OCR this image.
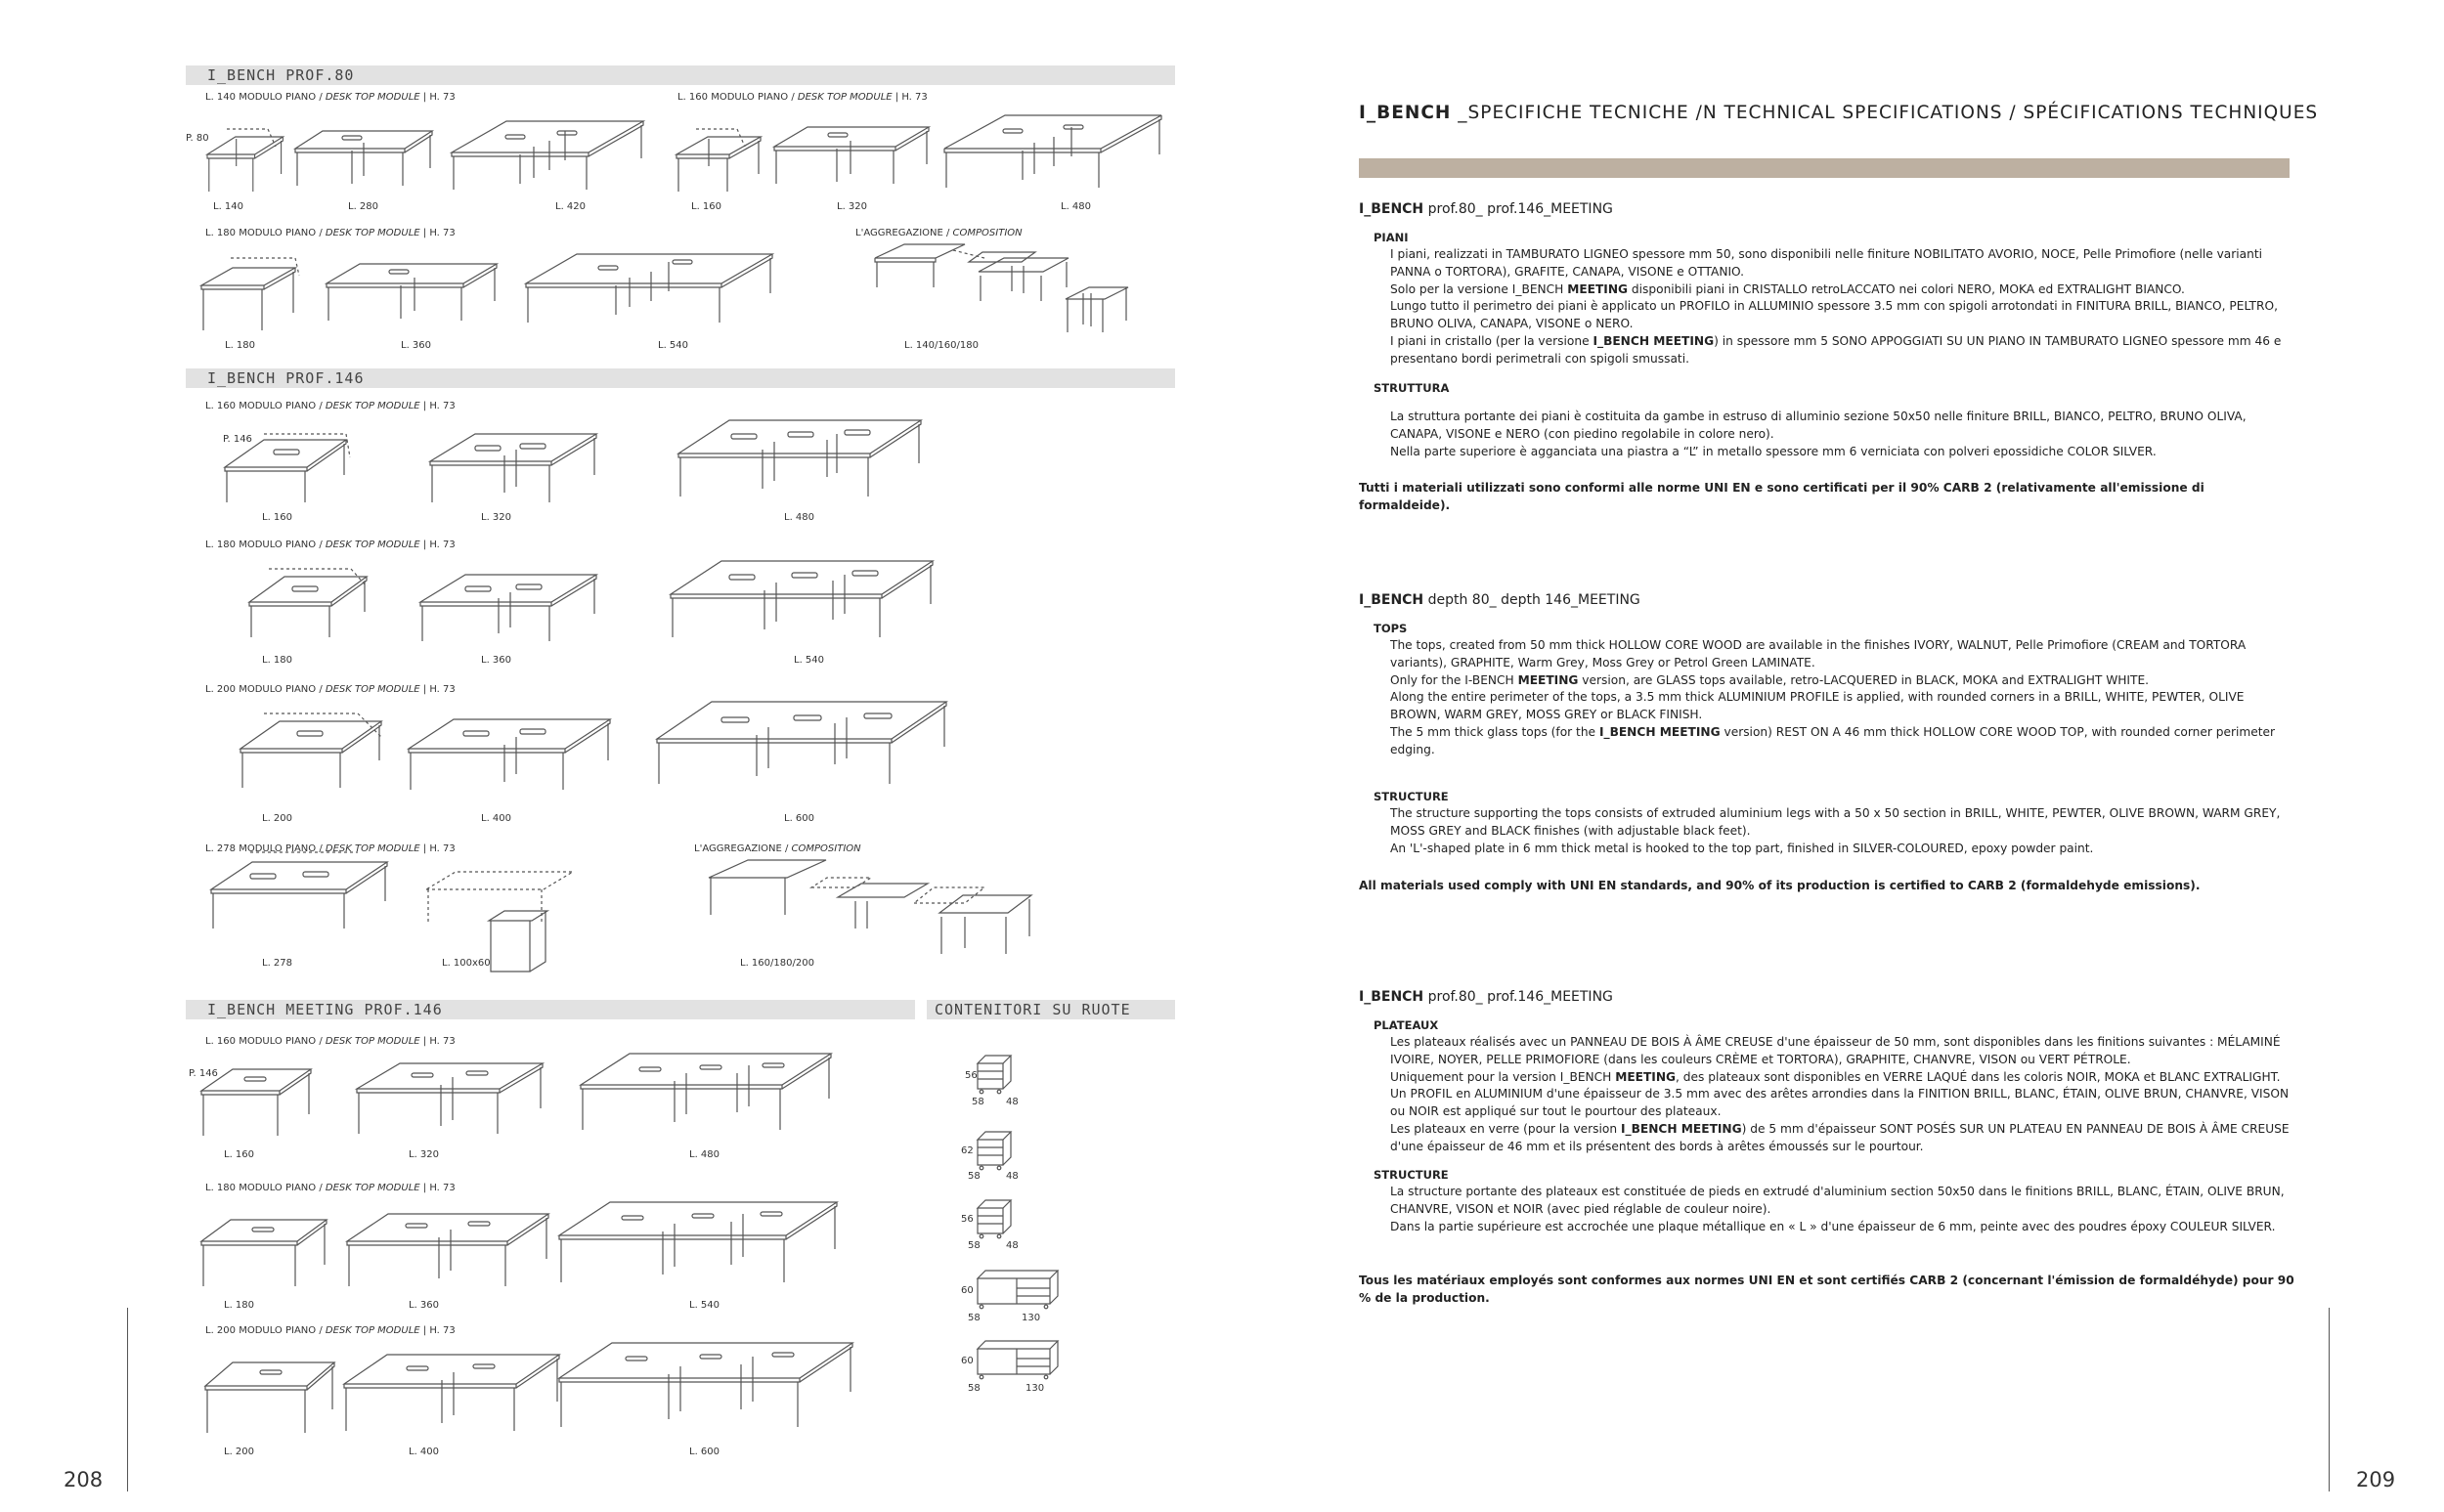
I_BENCH PROF.80
I_BENCH PROF.146
I_BENCH MEETING PROF.146	CONTENITORI SU RUOTE
L. 140 MODULO PIANO / DESK TOP MODULE | H. 73	L. 160 MODULO PIANO / DESK TOP MODULE | H. 73
L. 180 MODULO PIANO / DESK TOP MODULE | H. 73	L'AGGREGAZIONE / COMPOSITION
L. 160 MODULO PIANO / DESK TOP MODULE | H. 73
L. 180 MODULO PIANO / DESK TOP MODULE | H. 73
L. 200 MODULO PIANO / DESK TOP MODULE | H. 73
L. 278 MODULO PIANO / DESK TOP MODULE | H. 73	L'AGGREGAZIONE / COMPOSITION
L. 160 MODULO PIANO / DESK TOP MODULE | H. 73
L. 180 MODULO PIANO / DESK TOP MODULE | H. 73
L. 200 MODULO PIANO / DESK TOP MODULE | H. 73
P. 80
L. 140	L. 280	L. 420	L. 160	L. 320	L. 480
L. 180	L. 360	L. 540	L. 140/160/180
P. 146
L. 160	L. 320	L. 480
L. 180	L. 360	L. 540
L. 200	L. 400	L. 600
L. 278	L. 100x60	L. 160/180/200
P. 146
L. 160	L. 320	L. 480
L. 180	L. 360	L. 540
L. 200	L. 400	L. 600
56
58 48
62
58	48
56
58	48
60
58	130
60
58	130
208
I_BENCH _SPECIFICHE TECNICHE /N TECHNICAL SPECIFICATIONS / SPÉCIFICATIONS TECHNIQUES
I_BENCH prof.80_ prof.146_MEETING
PIANI
I piani, realizzati in TAMBURATO LIGNEO spessore mm 50, sono disponibili nelle finiture NOBILITATO AVORIO, NOCE, Pelle Primofiore (nelle varianti PANNA o TORTORA), GRAFITE, CANAPA, VISONE e OTTANIO.
Solo per la versione I_BENCH MEETING disponibili piani in CRISTALLO retroLACCATO nei colori NERO, MOKA ed EXTRALIGHT BIANCO.
Lungo tutto il perimetro dei piani è applicato un PROFILO in ALLUMINIO spessore 3.5 mm con spigoli arrotondati in FINITURA BRILL, BIANCO, PELTRO, BRUNO OLIVA, CANAPA, VISONE o NERO.
I piani in cristallo (per la versione I_BENCH MEETING) in spessore mm 5 SONO APPOGGIATI SU UN PIANO IN TAMBURATO LIGNEO spessore mm 46 e presentano bordi perimetrali con spigoli smussati.
STRUTTURA
La struttura portante dei piani è costituita da gambe in estruso di alluminio sezione 50x50 nelle finiture BRILL, BIANCO, PELTRO, BRUNO OLIVA, CANAPA, VISONE e NERO (con piedino regolabile in colore nero).
Nella parte superiore è agganciata una piastra a “L” in metallo spessore mm 6 verniciata con polveri epossidiche COLOR SILVER.
Tutti i materiali utilizzati sono conformi alle norme UNI EN e sono certificati per il 90% CARB 2 (relativamente all'emissione di formaldeide).
I_BENCH depth 80_ depth 146_MEETING
TOPS
The tops, created from 50 mm thick HOLLOW CORE WOOD are available in the finishes IVORY, WALNUT, Pelle Primofiore (CREAM and TORTORA variants), GRAPHITE, Warm Grey, Moss Grey or Petrol Green LAMINATE.
Only for the I-BENCH MEETING version, are GLASS tops available, retro-LACQUERED in BLACK, MOKA and EXTRALIGHT WHITE.
Along the entire perimeter of the tops, a 3.5 mm thick ALUMINIUM PROFILE is applied, with rounded corners in a BRILL, WHITE, PEWTER, OLIVE BROWN, WARM GREY, MOSS GREY or BLACK FINISH.
The 5 mm thick glass tops (for the I_BENCH MEETING version) REST ON A 46 mm thick HOLLOW CORE WOOD TOP, with rounded corner perimeter edging.
STRUCTURE
The structure supporting the tops consists of extruded aluminium legs with a 50 x 50 section in BRILL, WHITE, PEWTER, OLIVE BROWN, WARM GREY, MOSS GREY and BLACK finishes (with adjustable black feet).
An 'L'-shaped plate in 6 mm thick metal is hooked to the top part, finished in SILVER-COLOURED, epoxy powder paint.
All materials used comply with UNI EN standards, and 90% of its production is certified to CARB 2 (formaldehyde emissions).
I_BENCH prof.80_ prof.146_MEETING
PLATEAUX
Les plateaux réalisés avec un PANNEAU DE BOIS À ÂME CREUSE d'une épaisseur de 50 mm, sont disponibles dans les finitions suivantes : MÉLAMINÉ IVOIRE, NOYER, PELLE PRIMOFIORE (dans les couleurs CRÈME et TORTORA), GRAPHITE, CHANVRE, VISON ou VERT PÉTROLE.
Uniquement pour la version I_BENCH MEETING, des plateaux sont disponibles en VERRE LAQUÉ dans les coloris NOIR, MOKA et BLANC EXTRALIGHT.
Un PROFIL en ALUMINIUM d'une épaisseur de 3.5 mm avec des arêtes arrondies dans la FINITION BRILL, BLANC, ÉTAIN, OLIVE BRUN, CHANVRE, VISON ou NOIR est appliqué sur tout le pourtour des plateaux.
Les plateaux en verre (pour la version I_BENCH MEETING) de 5 mm d'épaisseur SONT POSÉS SUR UN PLATEAU EN PANNEAU DE BOIS À ÂME CREUSE d'une épaisseur de 46 mm et ils présentent des bords à arêtes émoussés sur le pourtour.
STRUCTURE
La structure portante des plateaux est constituée de pieds en extrudé d'aluminium section 50x50 dans le finitions BRILL, BLANC, ÉTAIN, OLIVE BRUN, CHANVRE, VISON et NOIR (avec pied réglable de couleur noire).
Dans la partie supérieure est accrochée une plaque métallique en « L » d'une épaisseur de 6 mm, peinte avec des poudres époxy COULEUR SILVER.
Tous les matériaux employés sont conformes aux normes UNI EN et sont certifiés CARB 2 (concernant l'émission de formaldéhyde) pour 90 % de la production.
209
